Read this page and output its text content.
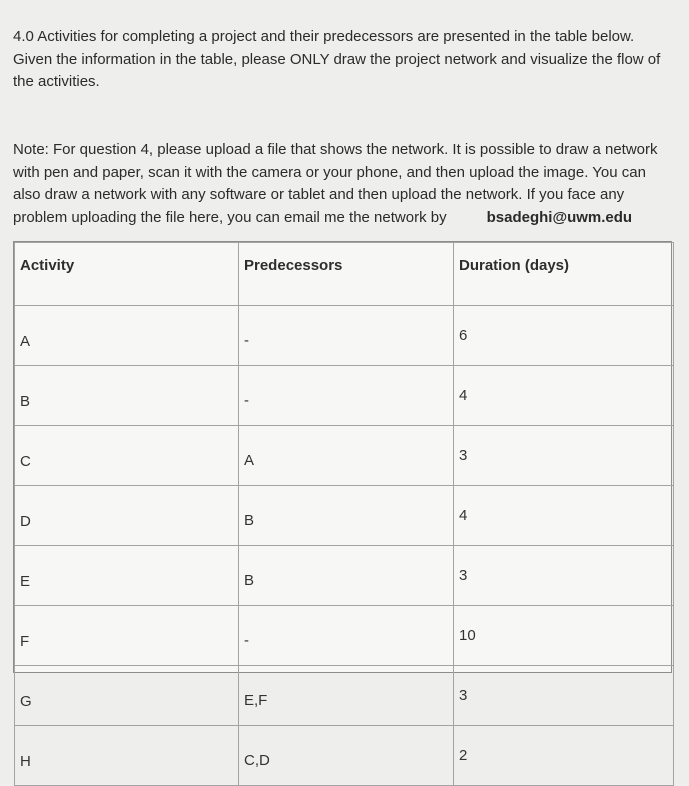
4.0 Activities for completing a project and their predecessors are presented in the table below. Given the information in the table, please ONLY draw the project network and visualize the flow of the activities.

Note: For question 4, please upload a file that shows the network. It is possible to draw a network with pen and paper, scan it with the camera or your phone, and then upload the image. You can also draw a network with any software or tablet and then upload the network. If you face any problem uploading the file here, you can email me the network by	bsadeghi@uwm.edu

Activity	Predecessors	Duration (days)
A	-	6
B	-	4
C	A	3
D	B	4
E	B	3
F	-	10
G	E,F	3
H	C,D	2
